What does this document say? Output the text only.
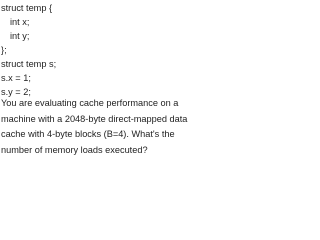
struct temp {
int x;
int y;
};
struct temp s;
s.x = 1;
s.y = 2;
You are evaluating cache performance on a machine with a 2048-byte direct-mapped data cache with 4-byte blocks (B=4). What's the number of memory loads executed?
